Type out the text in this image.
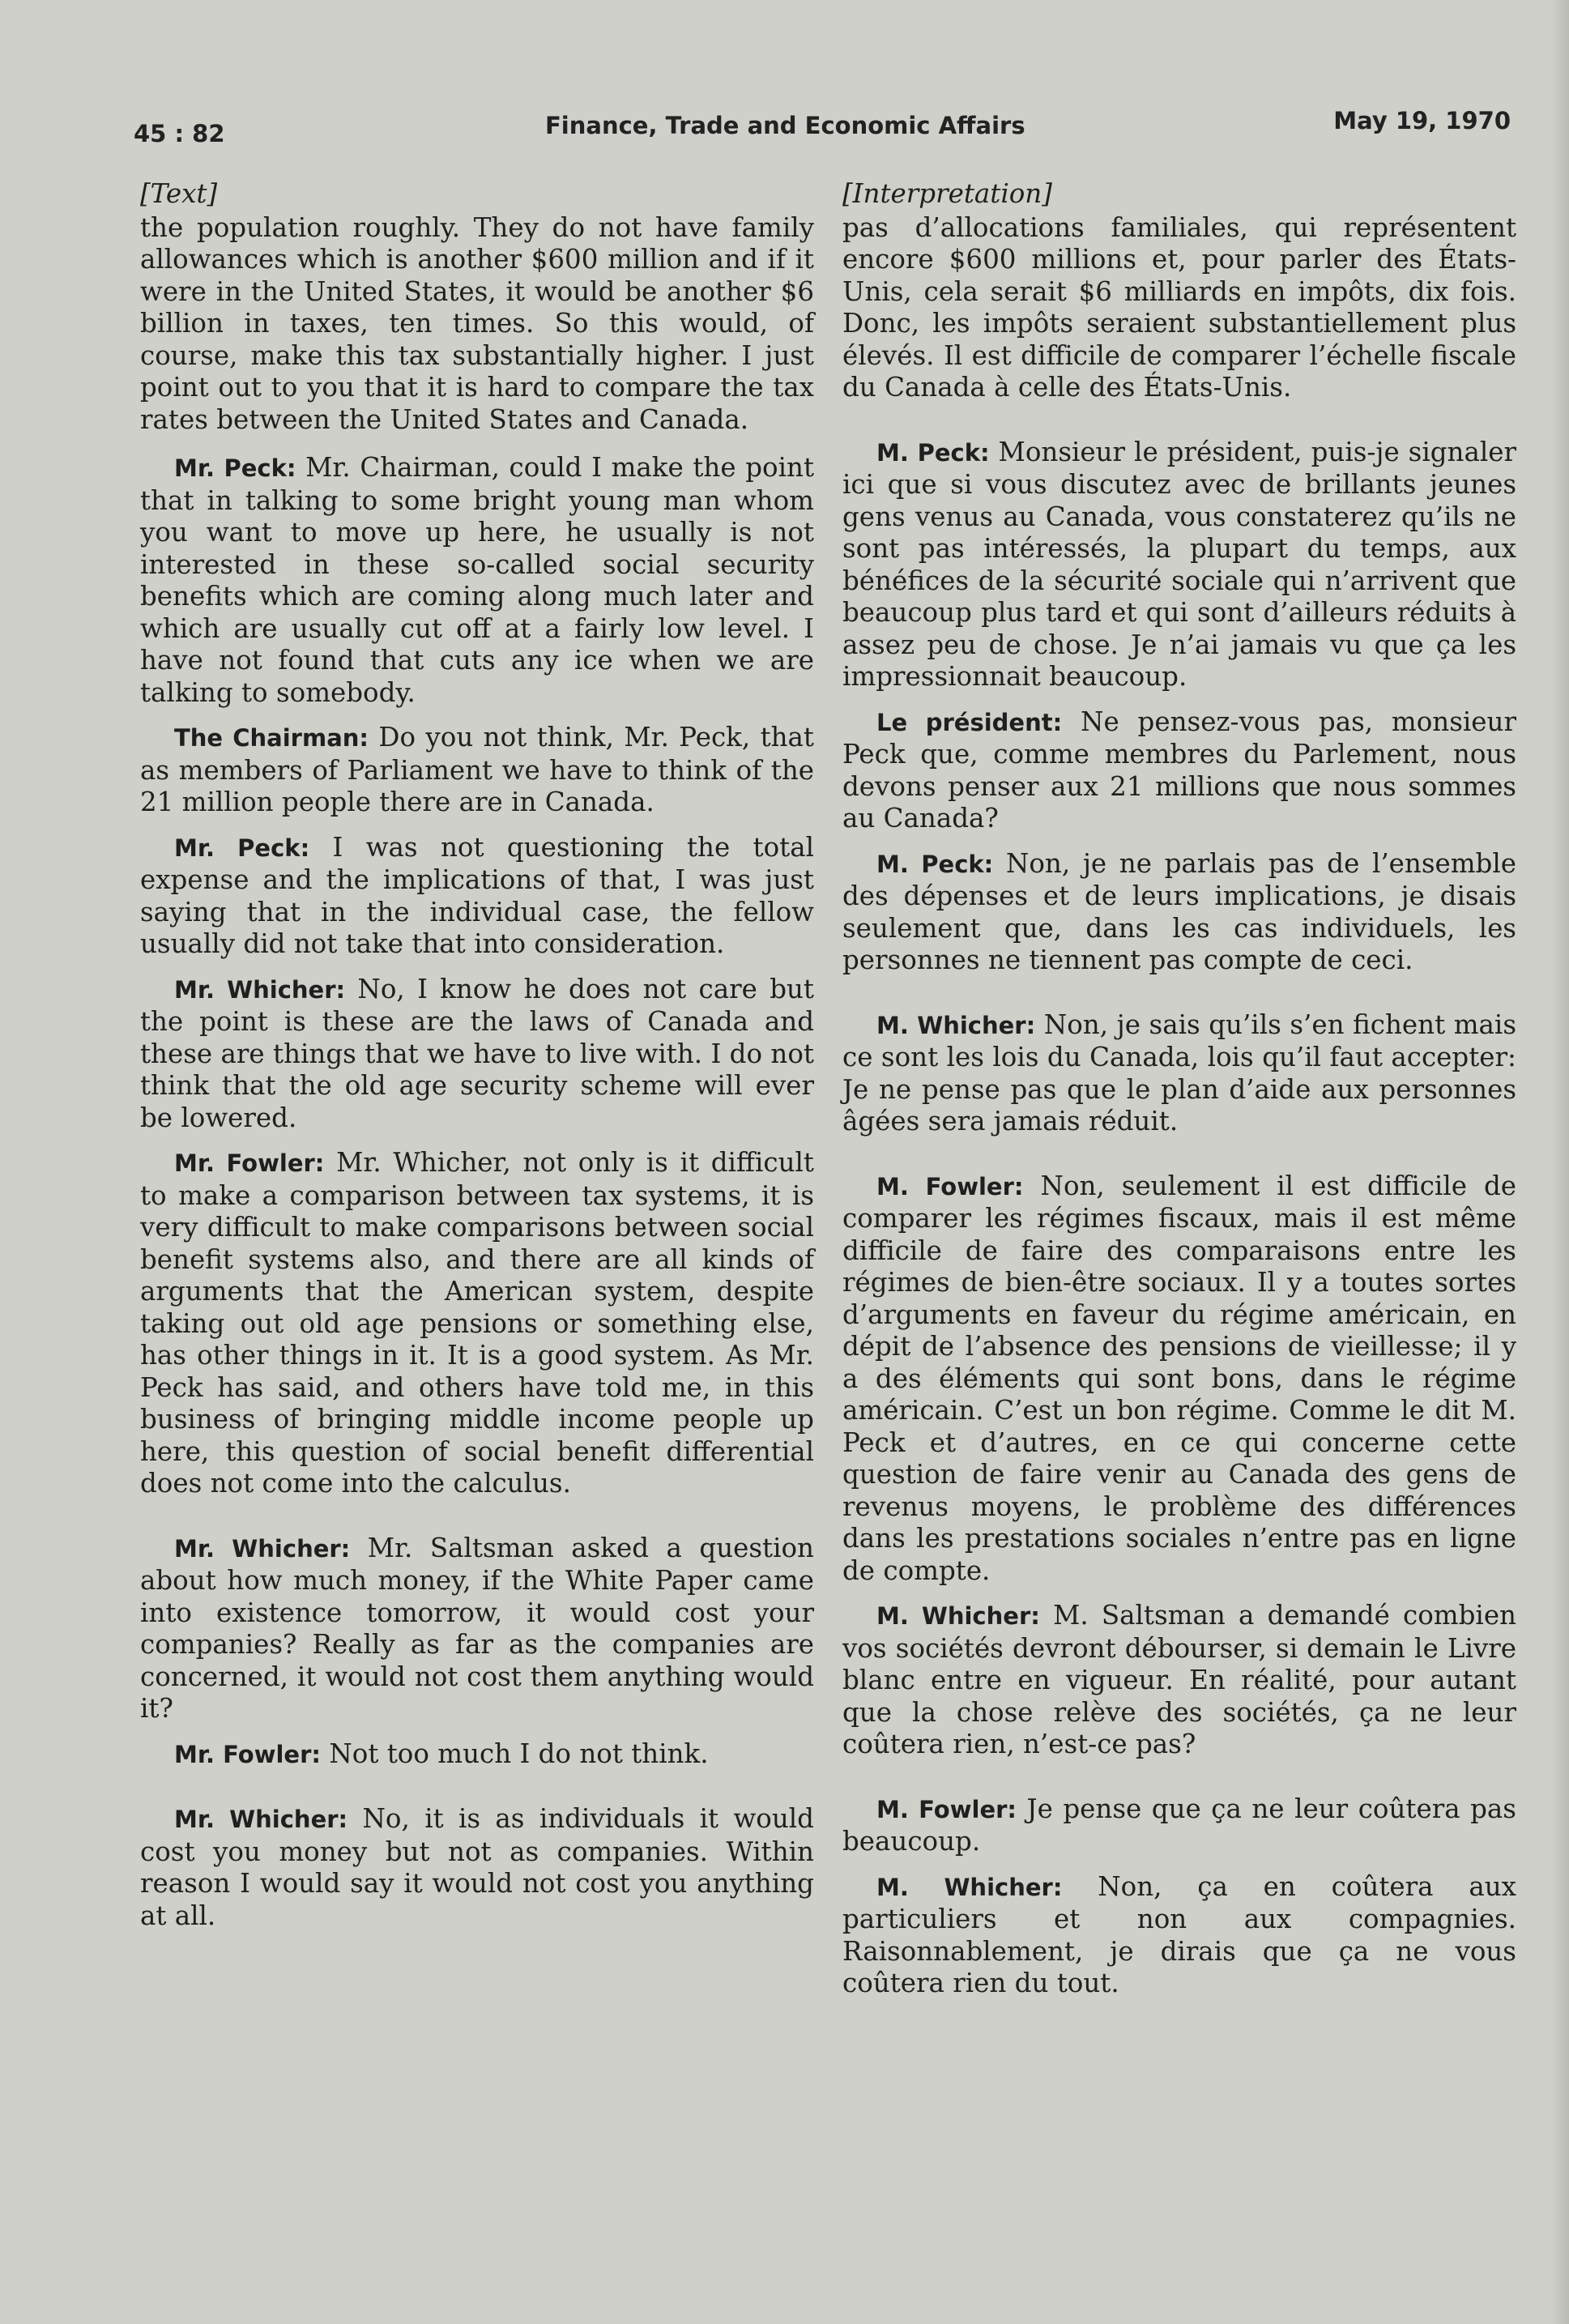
45 : 82	Finance, Trade and Economic Affairs	May 19, 1970
[Text]

the population roughly. They do not have family allowances which is another $600 million and if it were in the United States, it would be another $6 billion in taxes, ten times. So this would, of course, make this tax substantially higher. I just point out to you that it is hard to compare the tax rates between the United States and Canada.

Mr. Peck: Mr. Chairman, could I make the point that in talking to some bright young man whom you want to move up here, he usually is not interested in these so-called social security benefits which are coming along much later and which are usually cut off at a fairly low level. I have not found that cuts any ice when we are talking to somebody.

The Chairman: Do you not think, Mr. Peck, that as members of Parliament we have to think of the 21 million people there are in Canada.

Mr. Peck: I was not questioning the total expense and the implications of that, I was just saying that in the individual case, the fellow usually did not take that into consideration.

Mr. Whicher: No, I know he does not care but the point is these are the laws of Canada and these are things that we have to live with. I do not think that the old age security scheme will ever be lowered.

Mr. Fowler: Mr. Whicher, not only is it difficult to make a comparison between tax systems, it is very difficult to make comparisons between social benefit systems also, and there are all kinds of arguments that the American system, despite taking out old age pensions or something else, has other things in it. It is a good system. As Mr. Peck has said, and others have told me, in this business of bringing middle income people up here, this question of social benefit differential does not come into the calculus.

Mr. Whicher: Mr. Saltsman asked a question about how much money, if the White Paper came into existence tomorrow, it would cost your companies? Really as far as the companies are concerned, it would not cost them anything would it?

Mr. Fowler: Not too much I do not think.

Mr. Whicher: No, it is as individuals it would cost you money but not as companies. Within reason I would say it would not cost you anything at all.

[Interpretation]

pas d’allocations familiales, qui représentent encore $600 millions et, pour parler des États-Unis, cela serait $6 milliards en impôts, dix fois. Donc, les impôts seraient substantiellement plus élevés. Il est difficile de comparer l’échelle fiscale du Canada à celle des États-Unis.

M. Peck: Monsieur le président, puis-je signaler ici que si vous discutez avec de brillants jeunes gens venus au Canada, vous constaterez qu’ils ne sont pas intéressés, la plupart du temps, aux bénéfices de la sécurité sociale qui n’arrivent que beaucoup plus tard et qui sont d’ailleurs réduits à assez peu de chose. Je n’ai jamais vu que ça les impressionnait beaucoup.

Le président: Ne pensez-vous pas, monsieur Peck que, comme membres du Parlement, nous devons penser aux 21 millions que nous sommes au Canada?

M. Peck: Non, je ne parlais pas de l’ensemble des dépenses et de leurs implications, je disais seulement que, dans les cas individuels, les personnes ne tiennent pas compte de ceci.

M. Whicher: Non, je sais qu’ils s’en fichent mais ce sont les lois du Canada, lois qu’il faut accepter: Je ne pense pas que le plan d’aide aux personnes âgées sera jamais réduit.

M. Fowler: Non, seulement il est difficile de comparer les régimes fiscaux, mais il est même difficile de faire des comparaisons entre les régimes de bien-être sociaux. Il y a toutes sortes d’arguments en faveur du régime américain, en dépit de l’absence des pensions de vieillesse; il y a des éléments qui sont bons, dans le régime américain. C’est un bon régime. Comme le dit M. Peck et d’autres, en ce qui concerne cette question de faire venir au Canada des gens de revenus moyens, le problème des différences dans les prestations sociales n’entre pas en ligne de compte.

M. Whicher: M. Saltsman a demandé combien vos sociétés devront débourser, si demain le Livre blanc entre en vigueur. En réalité, pour autant que la chose relève des sociétés, ça ne leur coûtera rien, n’est-ce pas?

M. Fowler: Je pense que ça ne leur coûtera pas beaucoup.

M. Whicher: Non, ça en coûtera aux particuliers et non aux compagnies. Raisonnablement, je dirais que ça ne vous coûtera rien du tout.
